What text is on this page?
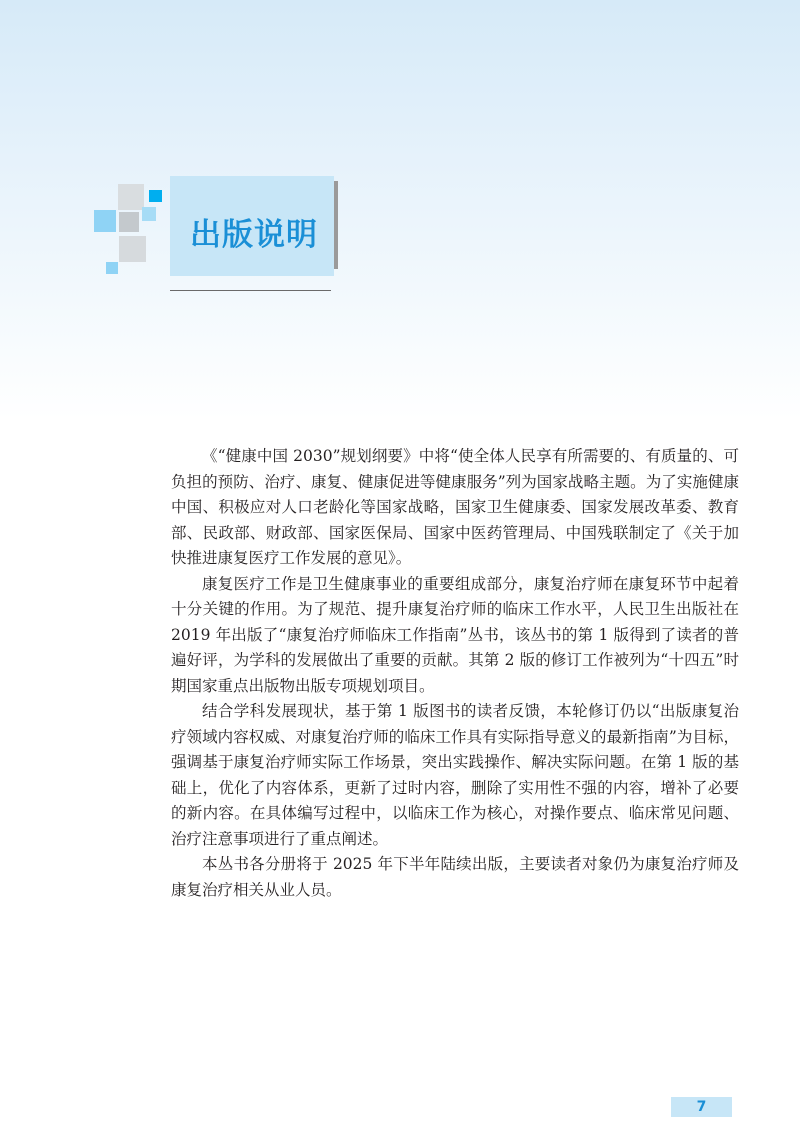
出版说明

《“健康中国 2030”规划纲要》中将“使全体人民享有所需要的、有质量的、可负担的预防、治疗、康复、健康促进等健康服务”列为国家战略主题。为了实施健康中国、积极应对人口老龄化等国家战略，国家卫生健康委、国家发展改革委、教育部、民政部、财政部、国家医保局、国家中医药管理局、中国残联制定了《关于加快推进康复医疗工作发展的意见》。

康复医疗工作是卫生健康事业的重要组成部分，康复治疗师在康复环节中起着十分关键的作用。为了规范、提升康复治疗师的临床工作水平，人民卫生出版社在 2019 年出版了“康复治疗师临床工作指南”丛书，该丛书的第 1 版得到了读者的普遍好评，为学科的发展做出了重要的贡献。其第 2 版的修订工作被列为“十四五”时期国家重点出版物出版专项规划项目。

结合学科发展现状，基于第 1 版图书的读者反馈，本轮修订仍以“出版康复治疗领域内容权威、对康复治疗师的临床工作具有实际指导意义的最新指南”为目标，强调基于康复治疗师实际工作场景，突出实践操作、解决实际问题。在第 1 版的基础上，优化了内容体系，更新了过时内容，删除了实用性不强的内容，增补了必要的新内容。在具体编写过程中，以临床工作为核心，对操作要点、临床常见问题、治疗注意事项进行了重点阐述。

本丛书各分册将于 2025 年下半年陆续出版，主要读者对象仍为康复治疗师及康复治疗相关从业人员。

7
